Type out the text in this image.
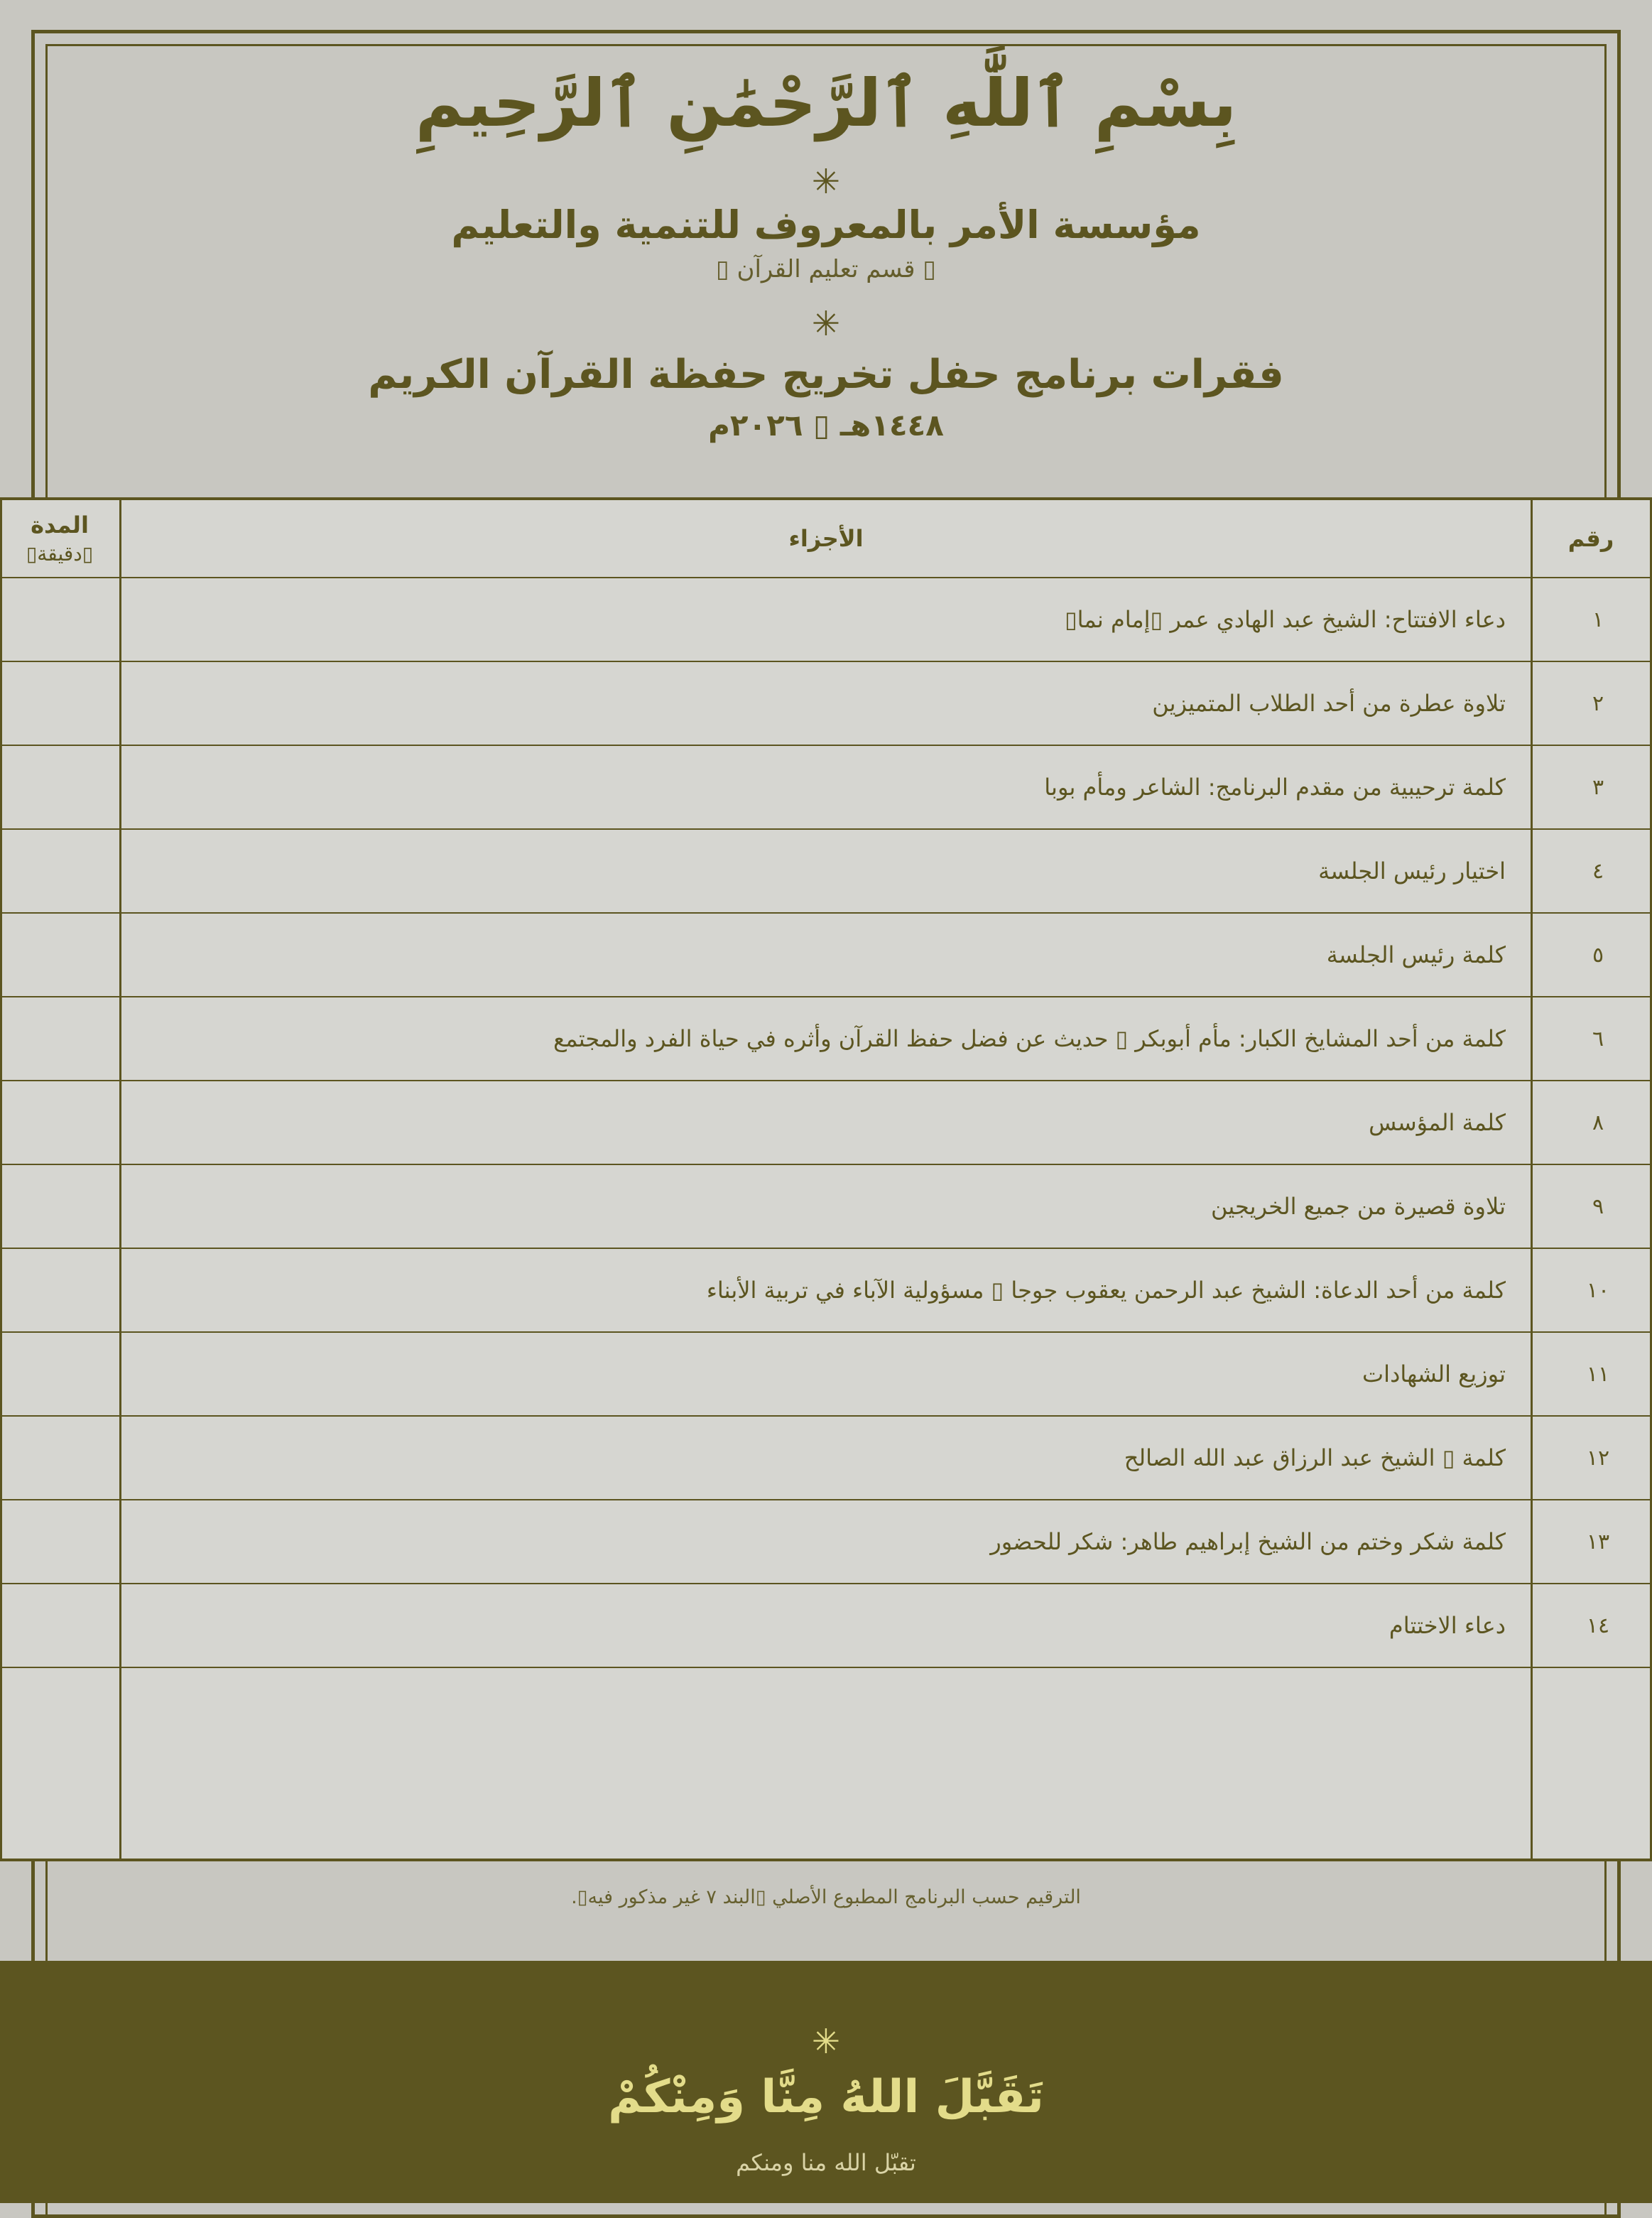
بِسْمِ ٱللَّٰهِ ٱلرَّحْمَٰنِ ٱلرَّحِيمِ
✳
مؤسسة الأمر بالمعروف للتنمية والتعليم
▯ قسم تعليم القرآن ▯
✳
فقرات برنامج حفل تخريج حفظة القرآن الكريم
١٤٤٨هـ ▯ ٢٠٢٦م
رقم
الأجزاء
المدة
▯دقيقة▯
١
دعاء الافتتاح: الشيخ عبد الهادي عمر ▯إمام نما▯
٢
تلاوة عطرة من أحد الطلاب المتميزين
٣
كلمة ترحيبية من مقدم البرنامج: الشاعر ومأم بوبا
٤
اختيار رئيس الجلسة
٥
كلمة رئيس الجلسة
٦
كلمة من أحد المشايخ الكبار: مأم أبوبكر ▯ حديث عن فضل حفظ القرآن وأثره في حياة الفرد والمجتمع
٨
كلمة المؤسس
٩
تلاوة قصيرة من جميع الخريجين
١٠
كلمة من أحد الدعاة: الشيخ عبد الرحمن يعقوب جوجا ▯ مسؤولية الآباء في تربية الأبناء
١١
توزيع الشهادات
١٢
كلمة ▯ الشيخ عبد الرزاق عبد الله الصالح
١٣
كلمة شكر وختم من الشيخ إبراهيم طاهر: شكر للحضور
١٤
دعاء الاختتام
الترقيم حسب البرنامج المطبوع الأصلي ▯البند ٧ غير مذكور فيه▯.
✳
تَقَبَّلَ اللهُ مِنَّا وَمِنْكُمْ
تقبّل الله منا ومنكم
